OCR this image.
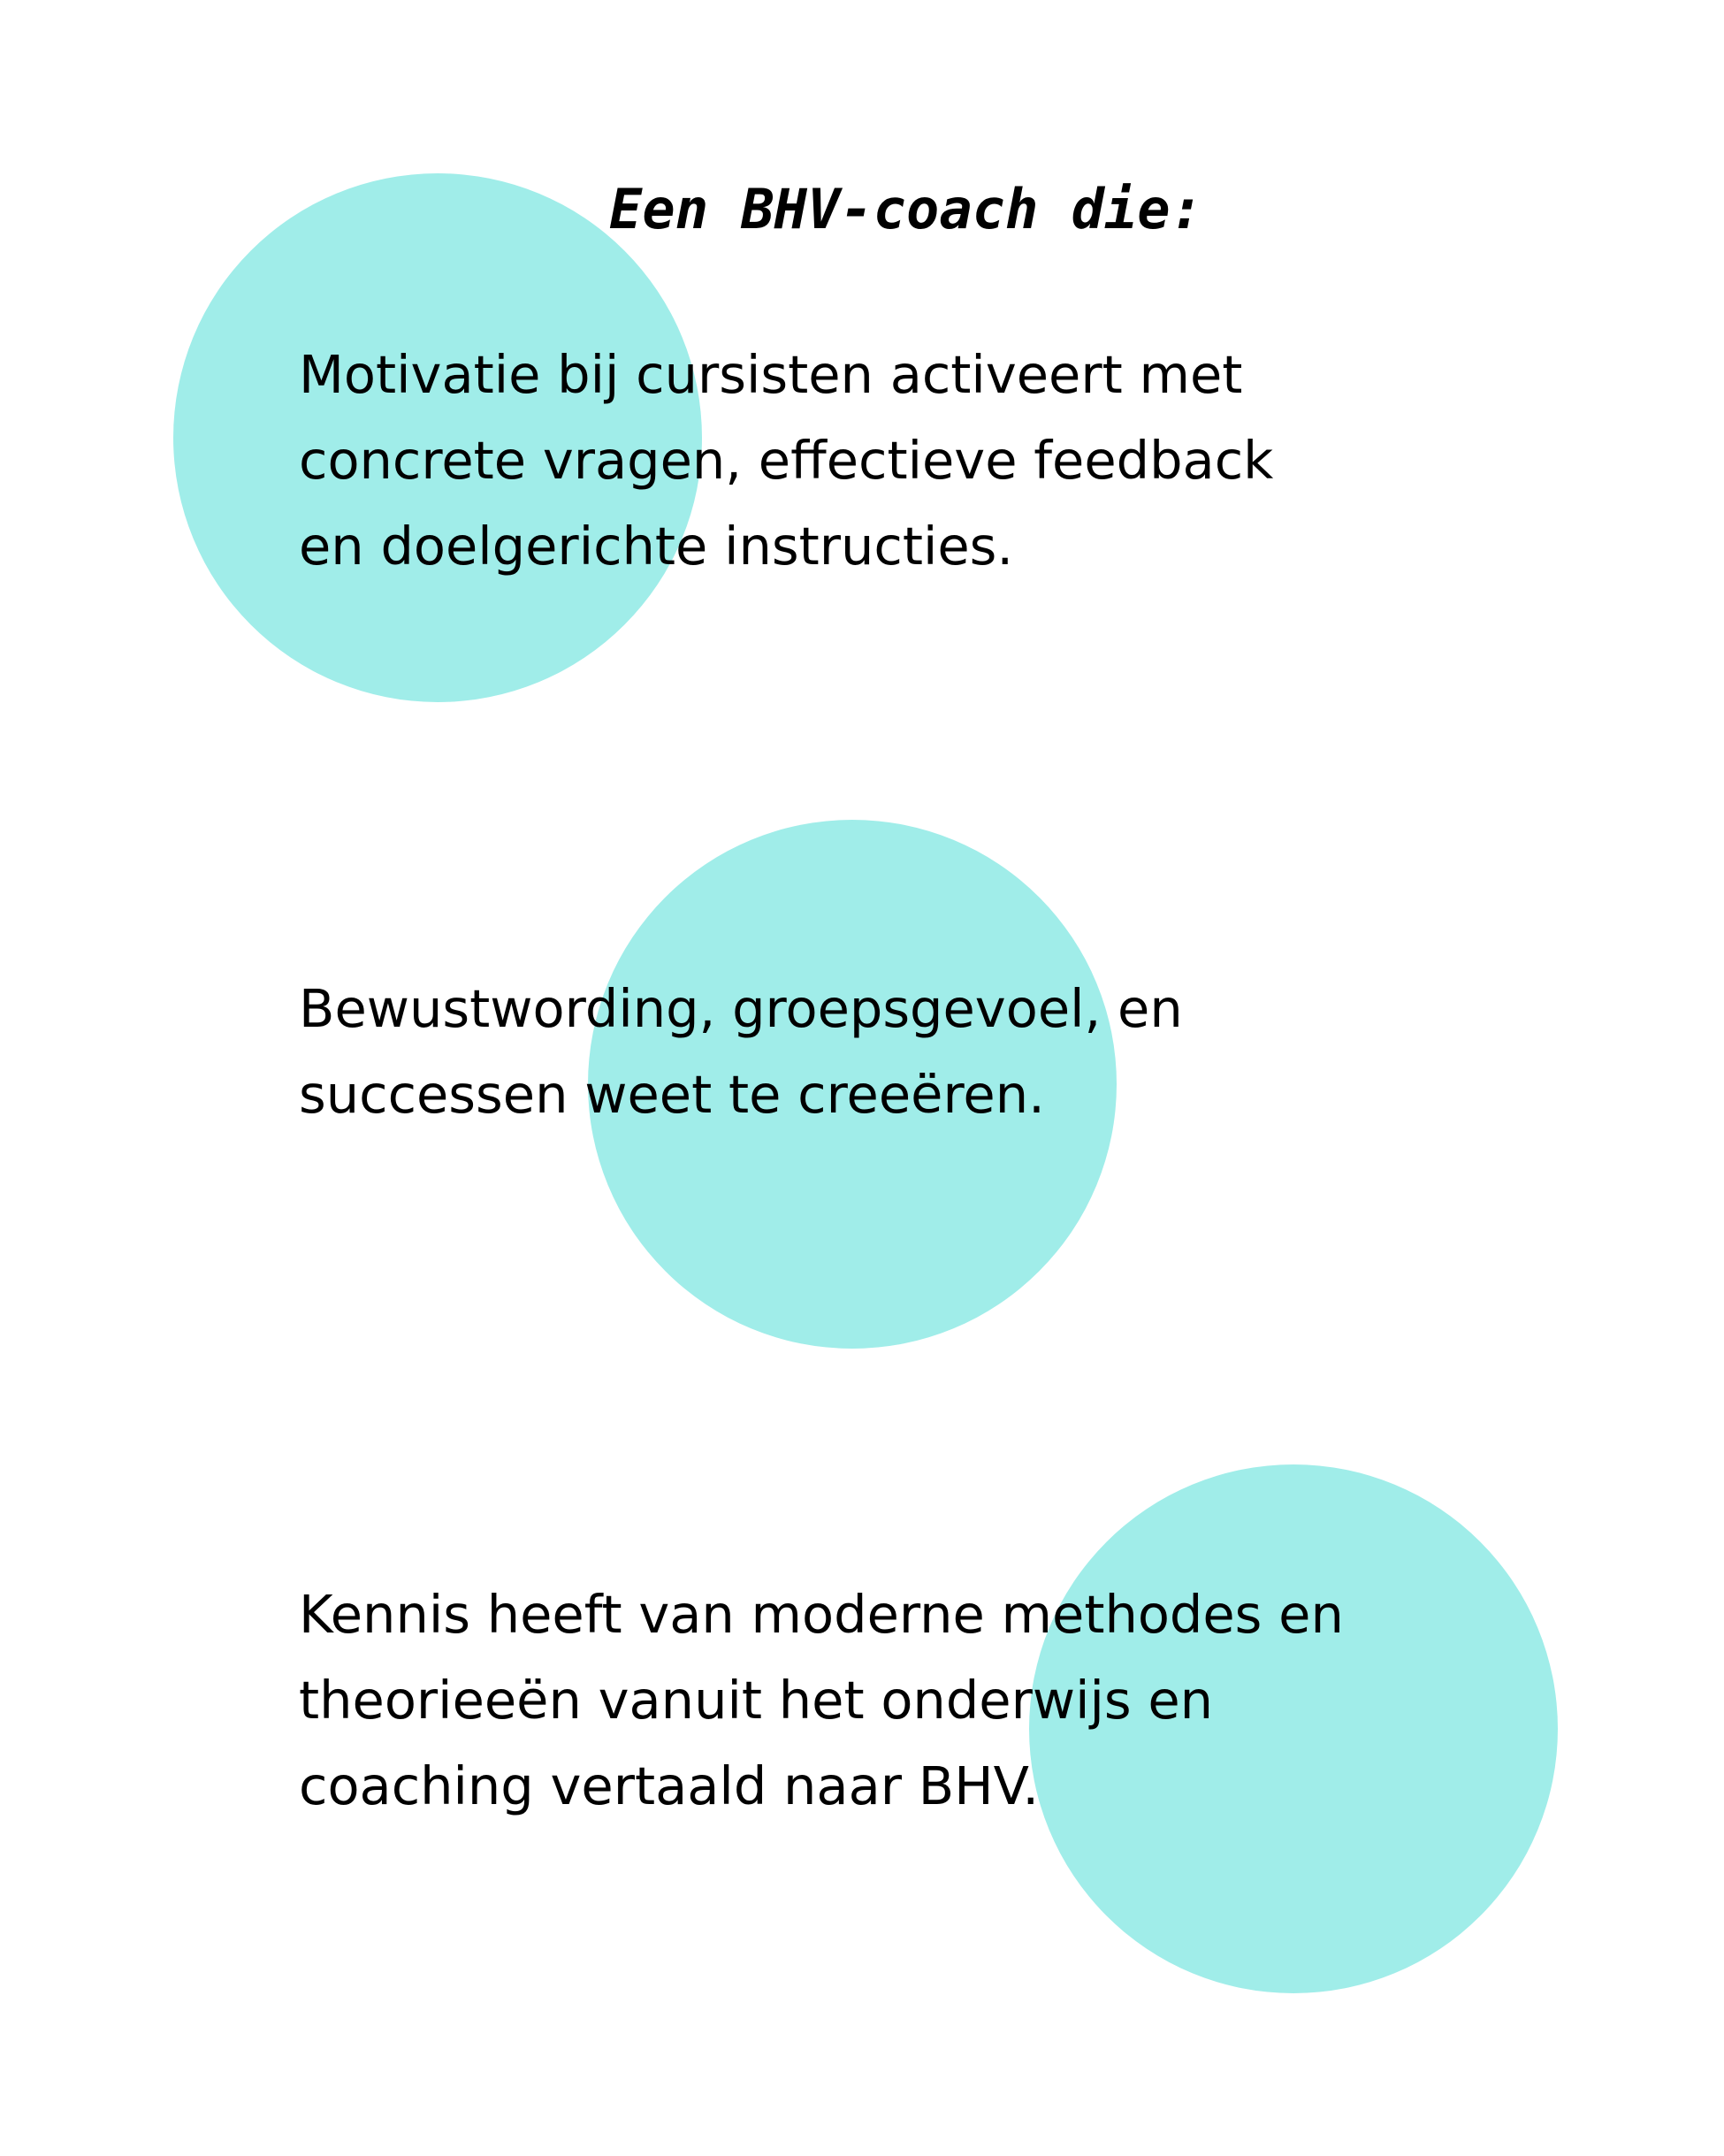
Een BHV-coach die:

Motivatie bij cursisten activeert met
concrete vragen, effectieve feedback
en doelgerichte instructies.

Bewustwording, groepsgevoel, en
successen weet te creeëren.

Kennis heeft van moderne methodes en
theorieeën vanuit het onderwijs en
coaching vertaald naar BHV.
